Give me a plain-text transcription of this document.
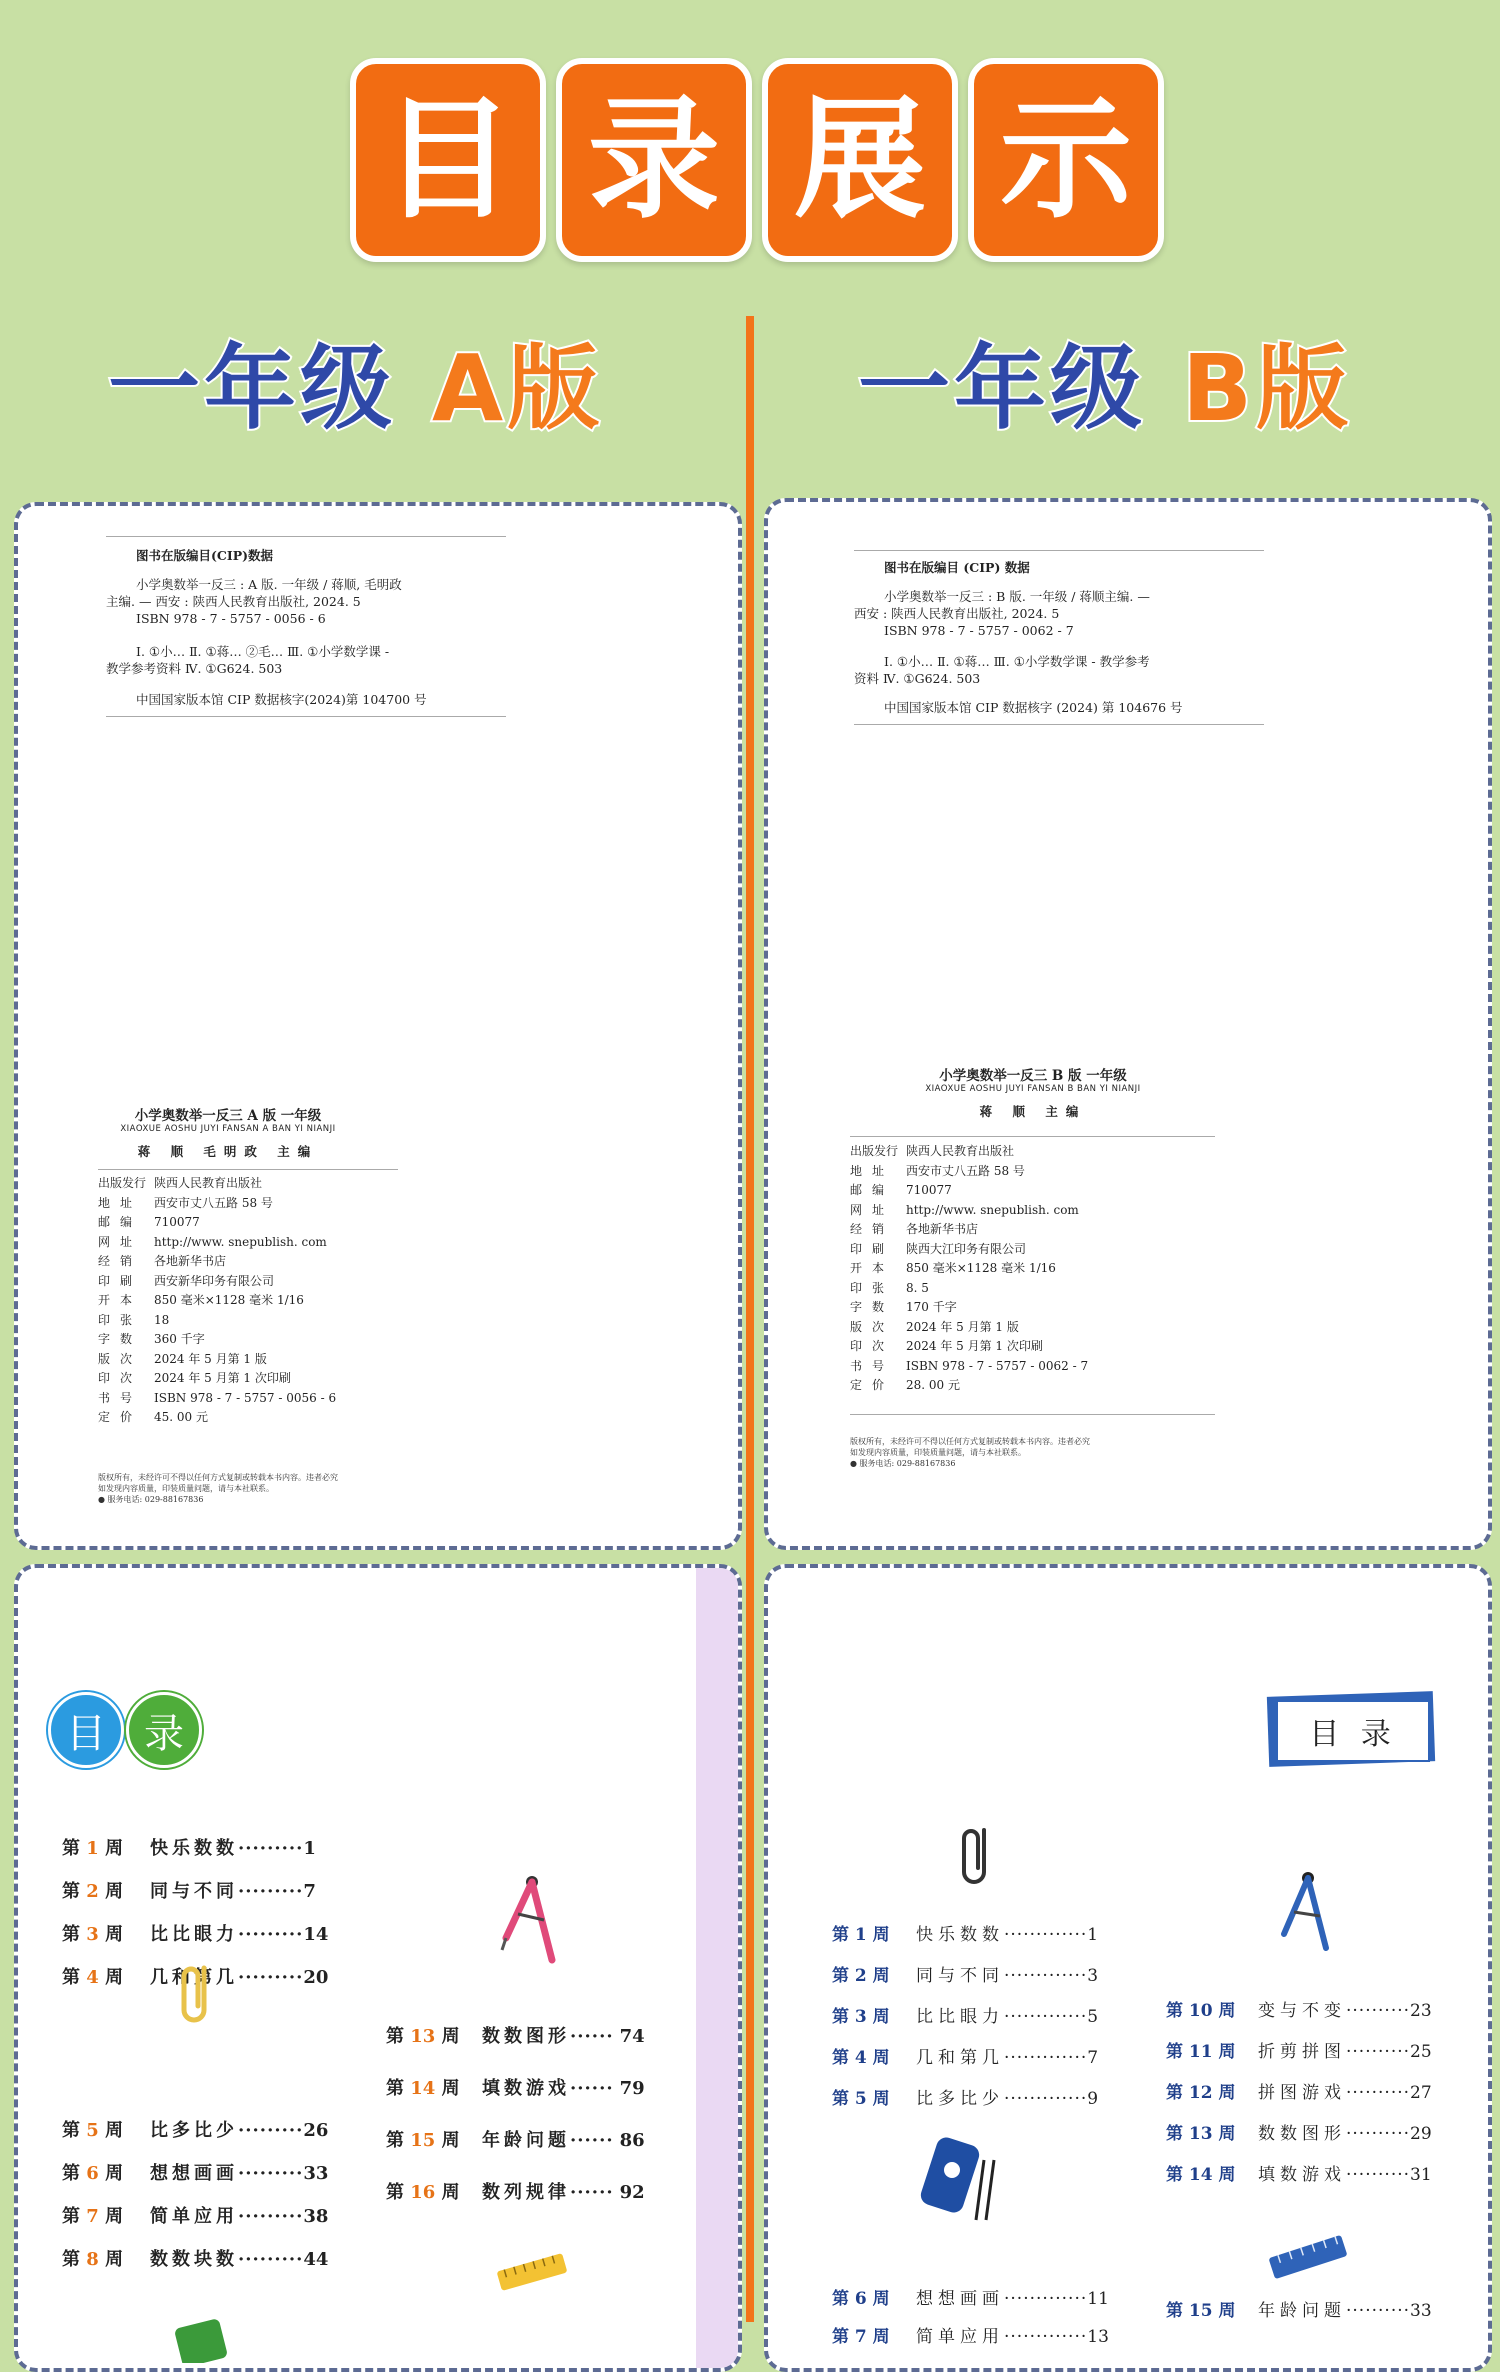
目 录 展 示
一年级 A版	一年级 B版
图书在版编目(CIP)数据
小学奥数举一反三 : A 版. 一年级 / 蒋顺, 毛明政
主编. — 西安 : 陕西人民教育出版社, 2024. 5
ISBN 978 - 7 - 5757 - 0056 - 6
Ⅰ. ①小… Ⅱ. ①蒋… ②毛… Ⅲ. ①小学数学课 -
教学参考资料 Ⅳ. ①G624. 503
中国国家版本馆 CIP 数据核字(2024)第 104700 号
小学奥数举一反三 A 版 一年级
XIAOXUE AOSHU JUYI FANSAN A BAN YI NIANJI
蒋 顺 毛明政 主编
出版发行 陕西人民教育出版社
地址 西安市丈八五路 58 号
邮编 710077
网址 http://www. snepublish. com
经销 各地新华书店
印刷 西安新华印务有限公司
开本 850 毫米×1128 毫米 1/16
印张 18
字数 360 千字
版次 2024 年 5 月第 1 版
印次 2024 年 5 月第 1 次印刷
书号 ISBN 978 - 7 - 5757 - 0056 - 6
定价 45. 00 元
版权所有，未经许可不得以任何方式复制或转载本书内容。违者必究
如发现内容质量，印装质量问题，请与本社联系。
● 服务电话: 029-88167836
图书在版编目 (CIP) 数据
小学奥数举一反三 : B 版. 一年级 / 蒋顺主编. —
西安 : 陕西人民教育出版社, 2024. 5
ISBN 978 - 7 - 5757 - 0062 - 7
Ⅰ. ①小… Ⅱ. ①蒋… Ⅲ. ①小学数学课 - 教学参考
资料 Ⅳ. ①G624. 503
中国国家版本馆 CIP 数据核字 (2024) 第 104676 号
小学奥数举一反三 B 版 一年级
XIAOXUE AOSHU JUYI FANSAN B BAN YI NIANJI
蒋 顺 主编
出版发行 陕西人民教育出版社
地址 西安市丈八五路 58 号
邮编 710077
网址 http://www. snepublish. com
经销 各地新华书店
印刷 陕西大江印务有限公司
开本 850 毫米×1128 毫米 1/16
印张 8. 5
字数 170 千字
版次 2024 年 5 月第 1 版
印次 2024 年 5 月第 1 次印刷
书号 ISBN 978 - 7 - 5757 - 0062 - 7
定价 28. 00 元
版权所有，未经许可不得以任何方式复制或转载本书内容。违者必究
如发现内容质量，印装质量问题，请与本社联系。
● 服务电话: 029-88167836
目 录
第 1 周	快乐数数 ········· 1
第 2 周	同与不同 ········· 7
第 3 周	比比眼力 ········· 14
第 4 周	几和第几 ········· 20
第 5 周	比多比少 ········· 26
第 6 周	想想画画 ········· 33
第 7 周	简单应用 ········· 38
第 8 周	数数块数 ········· 44
第 13 周	数数图形 ······ 74
第 14 周	填数游戏 ······ 79
第 15 周	年龄问题 ······ 86
第 16 周	数列规律 ······ 92
目 录
第 1 周	快乐数数 ············· 1
第 2 周	同与不同 ············· 3
第 3 周	比比眼力 ············· 5
第 4 周	几和第几 ············· 7
第 5 周	比多比少 ············· 9
第 6 周	想想画画 ············· 11
第 7 周	简单应用 ············· 13
第 10 周	变与不变 ·········· 23
第 11 周	折剪拼图 ·········· 25
第 12 周	拼图游戏 ·········· 27
第 13 周	数数图形 ·········· 29
第 14 周	填数游戏 ·········· 31
第 15 周	年龄问题 ·········· 33
